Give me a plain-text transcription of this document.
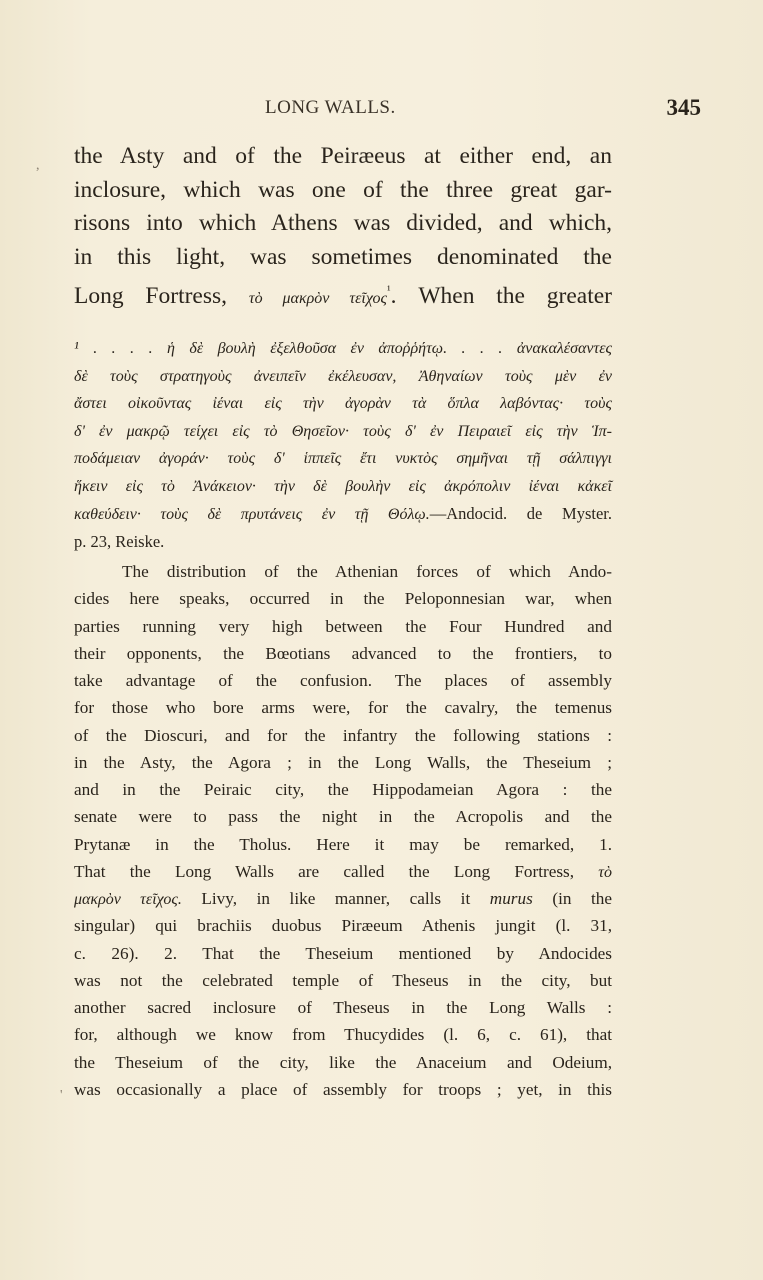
LONG WALLS.	345
, the Asty and of the Peiræeus at either end, an
inclosure, which was one of the three great gar-
risons into which Athens was divided, and which,
in this light, was sometimes denominated the
Long Fortress, τὸ μακρὸν τεῖχος$^{^1}$. When the greater
¹ . . . . ἡ δὲ βουλὴ ἐξελθοῦσα ἐν ἀποῤῥήτῳ. . . . ἀνακαλέσαντες
δὲ τοὺς στρατηγοὺς ἀνειπεῖν ἐκέλευσαν, Ἀθηναίων τοὺς μὲν ἐν
ἄστει οἰκοῦντας ἰέναι εἰς τὴν ἀγορὰν τὰ ὅπλα λαβόντας· τοὺς
δ' ἐν μακρῷ τείχει εἰς τὸ Θησεῖον· τοὺς δ' ἐν Πειραιεῖ εἰς τὴν Ἱπ-
ποδάμειαν ἀγοράν· τοὺς δ' ἱππεῖς ἔτι νυκτὸς σημῆναι τῇ σάλπιγγι
ἥκειν εἰς τὸ Ἀνάκειον· τὴν δὲ βουλὴν εἰς ἀκρόπολιν ἰέναι κἀκεῖ
καθεύδειν· τοὺς δὲ πρυτάνεις ἐν τῇ Θόλῳ.—Andocid. de Myster.
p. 23, Reiske.
The distribution of the Athenian forces of which Ando-
cides here speaks, occurred in the Peloponnesian war, when
parties running very high between the Four Hundred and
their opponents, the Bœotians advanced to the frontiers, to
take advantage of the confusion. The places of assembly
for those who bore arms were, for the cavalry, the temenus
of the Dioscuri, and for the infantry the following stations :
in the Asty, the Agora ; in the Long Walls, the Theseium ;
and in the Peiraic city, the Hippodameian Agora : the
senate were to pass the night in the Acropolis and the
Prytanæ in the Tholus. Here it may be remarked, 1.
That the Long Walls are called the Long Fortress, τὸ
μακρὸν τεῖχος. Livy, in like manner, calls it murus (in the
singular) qui brachiis duobus Piræeum Athenis jungit (l. 31,
c. 26). 2. That the Theseium mentioned by Andocides
was not the celebrated temple of Theseus in the city, but
another sacred inclosure of Theseus in the Long Walls :
for, although we know from Thucydides (l. 6, c. 61), that
the Theseium of the city, like the Anaceium and Odeium,
was occasionally a place of assembly for troops ; yet, in this
'
